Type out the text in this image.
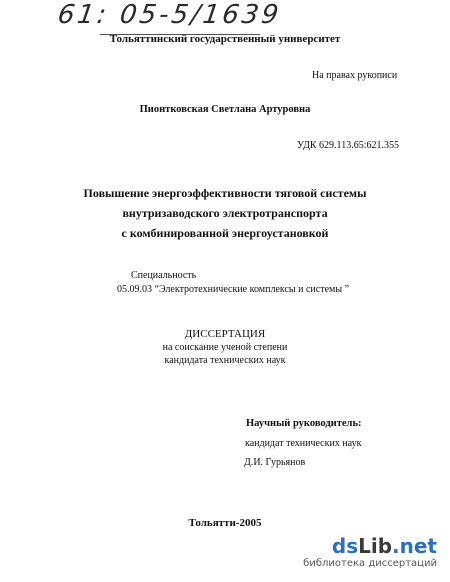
61: 05-5/1639
Тольяттинский государственный университет
На правах рукописи
Пионтковская Светлана Артуровна
УДК 629.113.65:621.355
Повышение энергоэффективности тяговой системы
внутризаводского электротранспорта
с комбинированной энергоустановкой
Специальность
05.09.03 “Электротехнические комплексы и системы ”
ДИССЕРТАЦИЯ
на соискание ученой степени
кандидата технических наук
Научный руководитель:
кандидат технических наук
Д.И. Гурьянов
Тольятти-2005
dsLib.net
библиотека диссертаций
